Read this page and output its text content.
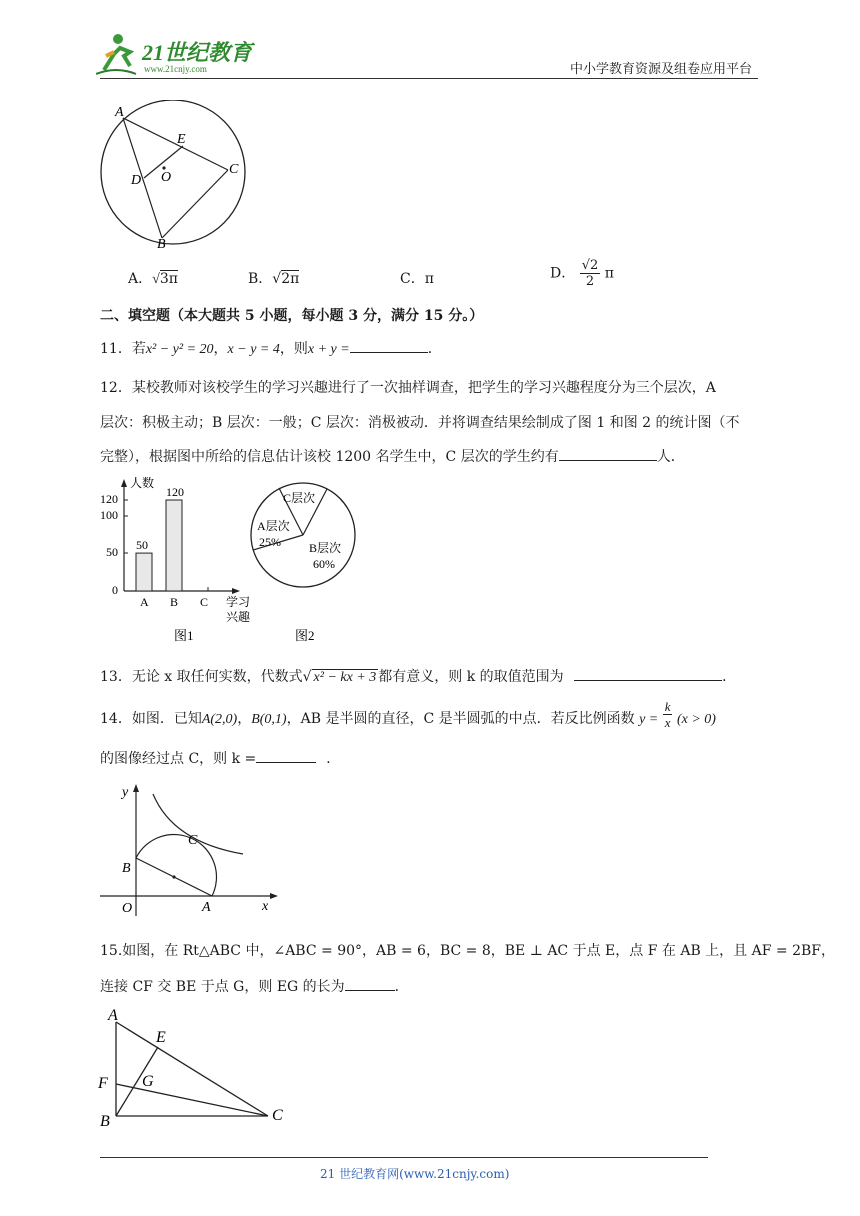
21世纪教育
www.21cnjy.com	中小学教育资源及组卷应用平台
A
E
D O
C
B
A．√3π	B．√2π	C．π	D． $\frac{√2}{2}$ π
二、填空题（本大题共 5 小题，每小题 3 分，满分 15 分。）
11．若x² − y² = 20，x − y = 4，则x + y =	．
12．某校教师对该校学生的学习兴趣进行了一次抽样调查，把学生的学习兴趣程度分为三个层次，A
层次：积极主动；B 层次：一般；C 层次：消极被动．并将调查结果绘制成了图 1 和图 2 的统计图（不
完整），根据图中所给的信息估计该校 1200 名学生中，C 层次的学生约有	人．
人数
120
100
50
0
50
120
A B C 学习
兴趣
图1
C层次
A层次
25% B层次
60%
图2
13．无论 x 取任何实数，代数式√ x² − kx + 3 都有意义，则 k 的取值范围为	．
14．如图．已知A(2,0)，B(0,1)，AB 是半圆的直径，C 是半圆弧的中点．若反比例函数 $y = \frac{k}{x} (x > 0)$
的图像经过点 C，则 k =	．
y
C
B
O	A	x
15.如图，在 Rt△ABC 中，∠ABC = 90°，AB = 6，BC = 8，BE ⊥ AC 于点 E，点 F 在 AB 上，且 AF = 2BF，
连接 CF 交 BE 于点 G，则 EG 的长为	．
A
E
F G
B	C
21 世纪教育网(www.21cnjy.com)
